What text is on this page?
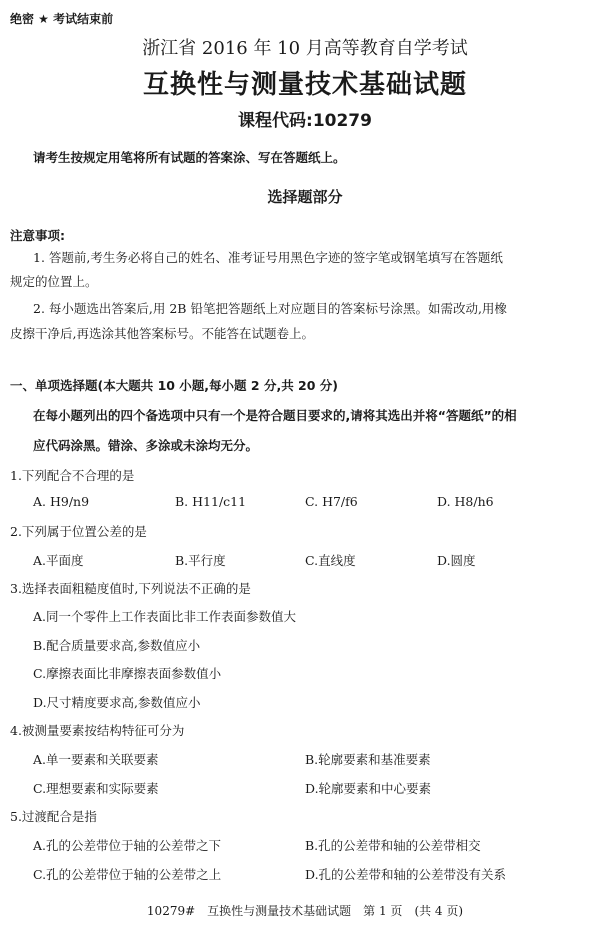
绝密 ★ 考试结束前
浙江省 2016 年 10 月高等教育自学考试
互换性与测量技术基础试题
课程代码:10279
请考生按规定用笔将所有试题的答案涂、写在答题纸上。
选择题部分
注意事项:
1. 答题前,考生务必将自己的姓名、准考证号用黑色字迹的签字笔或钢笔填写在答题纸
规定的位置上。
2. 每小题选出答案后,用 2B 铅笔把答题纸上对应题目的答案标号涂黑。如需改动,用橡
皮擦干净后,再选涂其他答案标号。不能答在试题卷上。
一、单项选择题(本大题共 10 小题,每小题 2 分,共 20 分)
在每小题列出的四个备选项中只有一个是符合题目要求的,请将其选出并将“答题纸”的相
应代码涂黑。错涂、多涂或未涂均无分。
1.下列配合不合理的是
A. H9/n9	B. H11/c11	C. H7/f6	D. H8/h6
2.下列属于位置公差的是
A.平面度	B.平行度	C.直线度	D.圆度
3.选择表面粗糙度值时,下列说法不正确的是
A.同一个零件上工作表面比非工作表面参数值大
B.配合质量要求高,参数值应小
C.摩擦表面比非摩擦表面参数值小
D.尺寸精度要求高,参数值应小
4.被测量要素按结构特征可分为
A.单一要素和关联要素	B.轮廓要素和基准要素
C.理想要素和实际要素	D.轮廓要素和中心要素
5.过渡配合是指
A.孔的公差带位于轴的公差带之下	B.孔的公差带和轴的公差带相交
C.孔的公差带位于轴的公差带之上	D.孔的公差带和轴的公差带没有关系
10279# 互换性与测量技术基础试题 第 1 页 (共 4 页)
